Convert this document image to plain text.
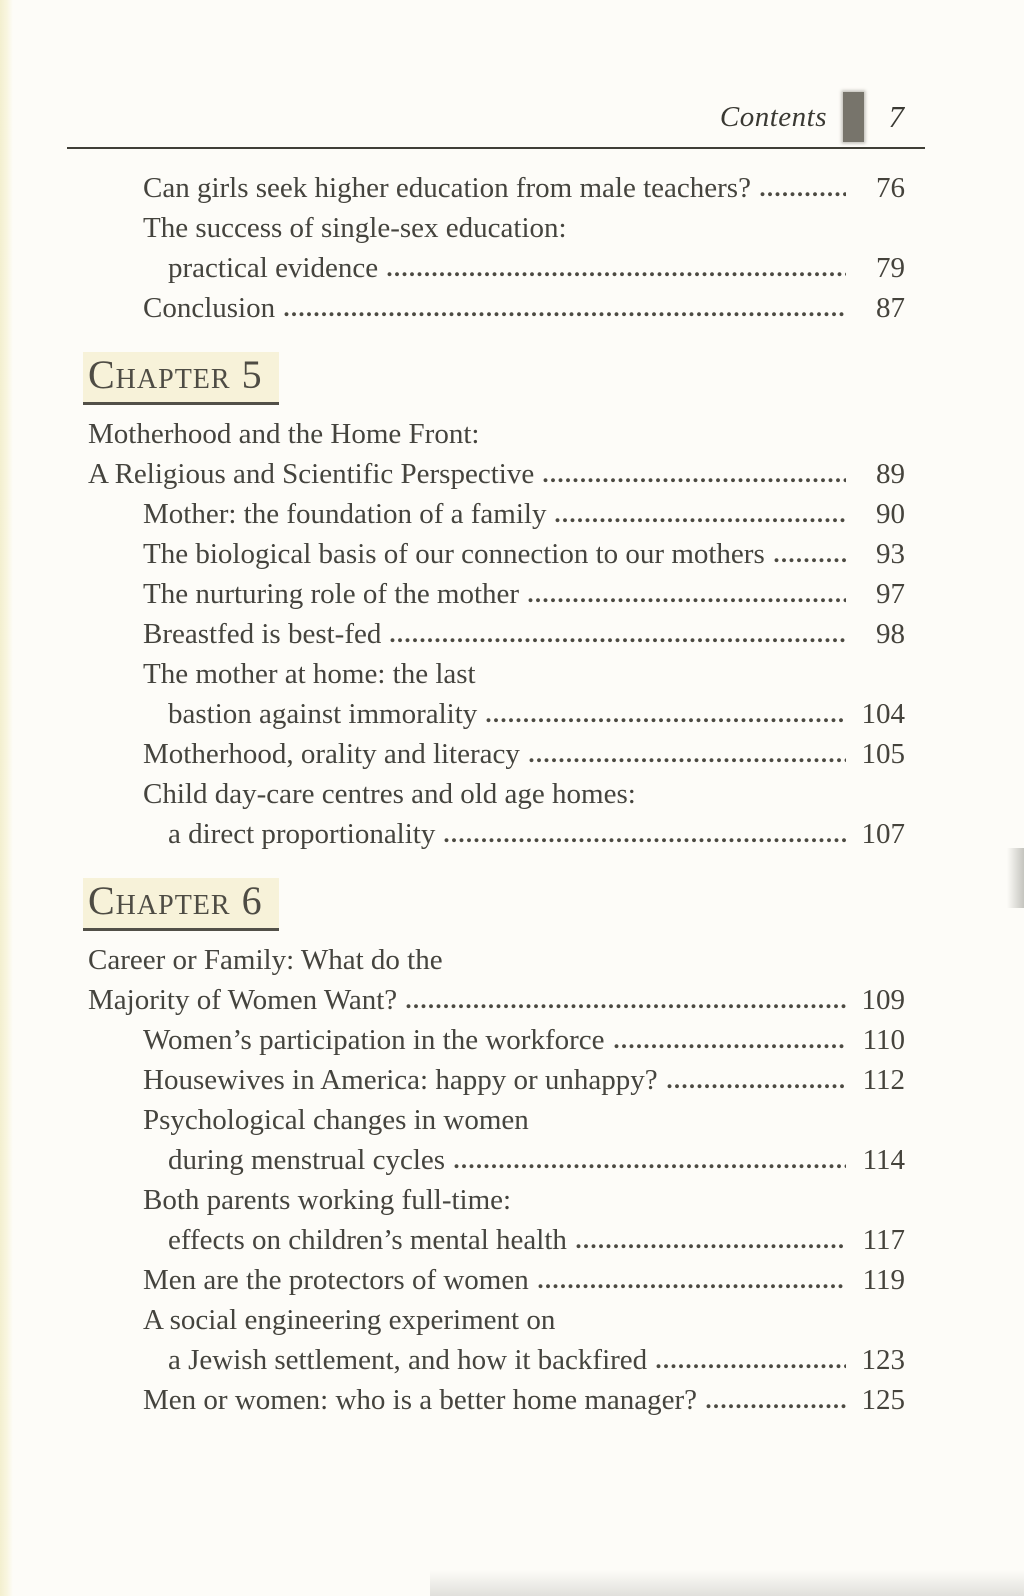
Contents 7
Can girls seek higher education from male teachers?	76
The success of single-sex education:
practical evidence	79
Conclusion	87
Chapter 5
Motherhood and the Home Front:
A Religious and Scientific Perspective	89
Mother: the foundation of a family	90
The biological basis of our connection to our mothers	93
The nurturing role of the mother	97
Breastfed is best-fed	98
The mother at home: the last
bastion against immorality	104
Motherhood, orality and literacy	105
Child day-care centres and old age homes:
a direct proportionality	107
Chapter 6
Career or Family: What do the
Majority of Women Want?	109
Women’s participation in the workforce	110
Housewives in America: happy or unhappy?	112
Psychological changes in women
during menstrual cycles	114
Both parents working full-time:
effects on children’s mental health	117
Men are the protectors of women	119
A social engineering experiment on
a Jewish settlement, and how it backfired	123
Men or women: who is a better home manager?	125
